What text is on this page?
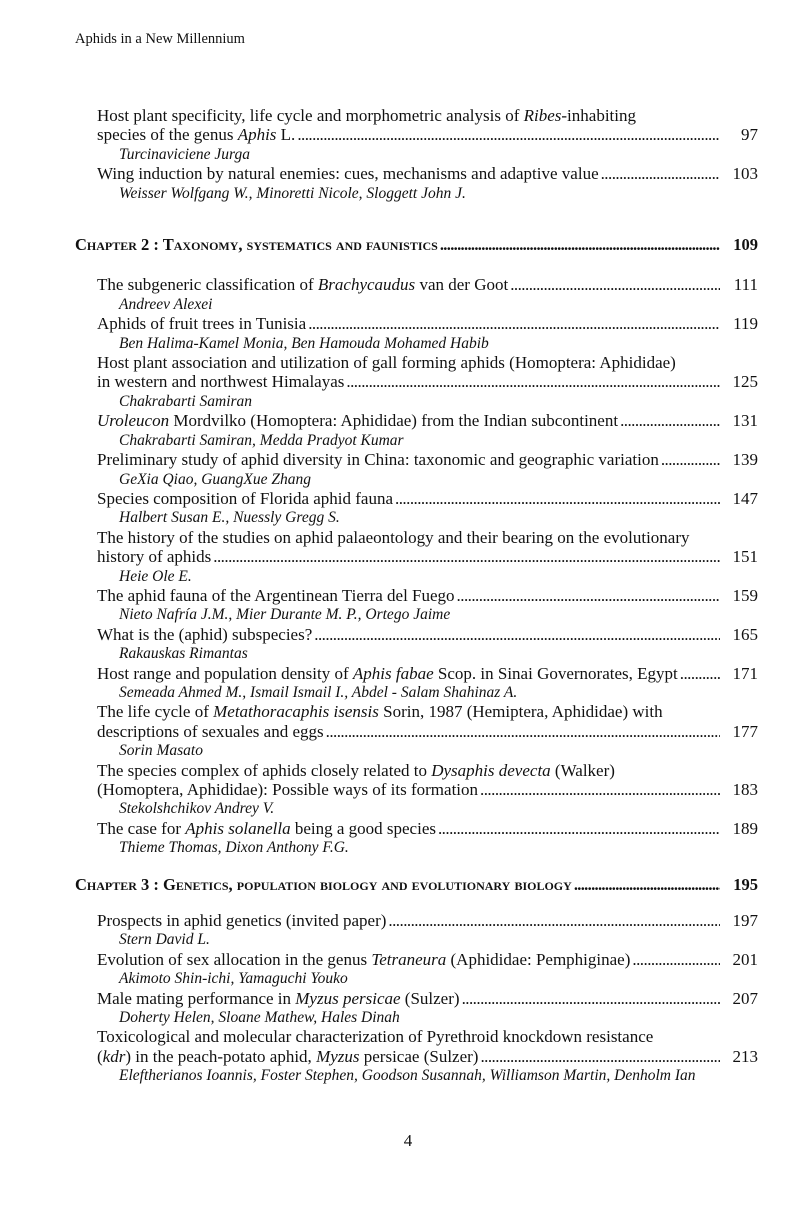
Aphids in a New Millennium
Host plant specificity, life cycle and morphometric analysis of Ribes-inhabiting
species of the genus Aphis L. . . .	97
Turcinaviciene Jurga
Wing induction by natural enemies: cues, mechanisms and adaptive value . . .	103
Weisser Wolfgang W., Minoretti Nicole, Sloggett John J.
Chapter 2 : Taxonomy, systematics and faunistics . . .	109
The subgeneric classification of Brachycaudus van der Goot . . .	111
Andreev Alexei
Aphids of fruit trees in Tunisia . . .	119
Ben Halima-Kamel Monia, Ben Hamouda Mohamed Habib
Host plant association and utilization of gall forming aphids (Homoptera: Aphididae)
in western and northwest Himalayas . . .	125
Chakrabarti Samiran
Uroleucon Mordvilko (Homoptera: Aphididae) from the Indian subcontinent . . .	131
Chakrabarti Samiran, Medda Pradyot Kumar
Preliminary study of aphid diversity in China: taxonomic and geographic variation . . .	139
GeXia Qiao, GuangXue Zhang
Species composition of Florida aphid fauna . . .	147
Halbert Susan E., Nuessly Gregg S.
The history of the studies on aphid palaeontology and their bearing on the evolutionary
history of aphids . . .	151
Heie Ole E.
The aphid fauna of the Argentinean Tierra del Fuego . . .	159
Nieto Nafría J.M., Mier Durante M. P., Ortego Jaime
What is the (aphid) subspecies? . . .	165
Rakauskas Rimantas
Host range and population density of Aphis fabae Scop. in Sinai Governorates, Egypt . . .	171
Semeada Ahmed M., Ismail Ismail I., Abdel - Salam Shahinaz A.
The life cycle of Metathoracaphis isensis Sorin, 1987 (Hemiptera, Aphididae) with
descriptions of sexuales and eggs . . .	177
Sorin Masato
The species complex of aphids closely related to Dysaphis devecta (Walker)
(Homoptera, Aphididae): Possible ways of its formation . . .	183
Stekolshchikov Andrey V.
The case for Aphis solanella being a good species . . .	189
Thieme Thomas, Dixon Anthony F.G.
Chapter 3 : Genetics, population biology and evolutionary biology . . .	195
Prospects in aphid genetics (invited paper) . . .	197
Stern David L.
Evolution of sex allocation in the genus Tetraneura (Aphididae: Pemphiginae) . . .	201
Akimoto Shin-ichi, Yamaguchi Youko
Male mating performance in Myzus persicae (Sulzer) . . .	207
Doherty Helen, Sloane Mathew, Hales Dinah
Toxicological and molecular characterization of Pyrethroid knockdown resistance
(kdr) in the peach-potato aphid, Myzus persicae (Sulzer) . . .	213
Eleftherianos Ioannis, Foster Stephen, Goodson Susannah, Williamson Martin, Denholm Ian
4
